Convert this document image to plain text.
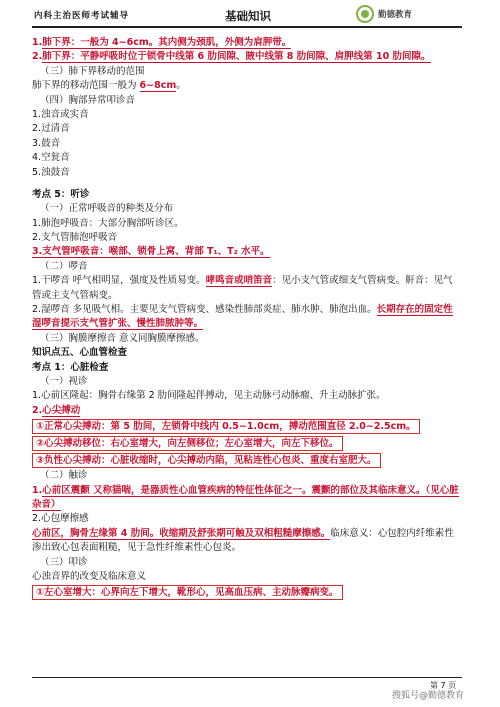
内科主治医师考试辅导	基础知识	勤德教育
1.肺下界：一般为 4~6cm。其内侧为颈肌，外侧为肩胛带。
2.肺下界：平静呼吸时位于锁骨中线第 6 肋间隙、腋中线第 8 肋间隙、肩胛线第 10 肋间隙。
（三）肺下界移动的范围
肺下界的移动范围一般为 6~8cm。
（四）胸部异常叩诊音
1.浊音或实音
2.过清音
3.鼓音
4.空瓮音
5.浊鼓音
考点 5：听诊
（一）正常呼吸音的种类及分布
1.肺泡呼吸音：大部分胸部听诊区。
2.支气管肺泡呼吸音
3.支气管呼吸音：喉部、锁骨上窝、背部 T₁、T₂ 水平。
（二）啰音
1.干啰音 呼气相明显，强度及性质易变。哮鸣音或哨笛音：见小支气管或细支气管病变。鼾音：见气
管或主支气管病变。
2.湿啰音 多见吸气相。主要见支气管病变、感染性肺部炎症、肺水肿、肺泡出血。长期存在的固定性
湿啰音提示支气管扩张、慢性肺脓肿等。
（三）胸膜摩擦音 意义同胸膜摩擦感。
知识点五、心血管检查
考点 1：心脏检查
（一）视诊
1.心前区隆起：胸骨右缘第 2 肋间隆起伴搏动，见主动脉弓动脉瘤、升主动脉扩张。
2.心尖搏动
①正常心尖搏动：第 5 肋间，左锁骨中线内 0.5~1.0cm，搏动范围直径 2.0~2.5cm。
②心尖搏动移位：右心室增大，向左侧移位；左心室增大，向左下移位。
③负性心尖搏动：心脏收缩时，心尖搏动内陷，见粘连性心包炎、重度右室肥大。
（二）触诊
1.心前区震颤 又称猫喘，是器质性心血管疾病的特征性体征之一。震颤的部位及其临床意义。（见心脏
杂音）
2.心包摩擦感
心前区，胸骨左缘第 4 肋间。收缩期及舒张期可触及双相粗糙摩擦感。临床意义：心包腔内纤维素性
渗出致心包表面粗糙，见于急性纤维素性心包炎。
（三）叩诊
心浊音界的改变及临床意义
①左心室增大：心界向左下增大，靴形心，见高血压病、主动脉瓣病变。
第 7 页
搜狐号@勤德教育
